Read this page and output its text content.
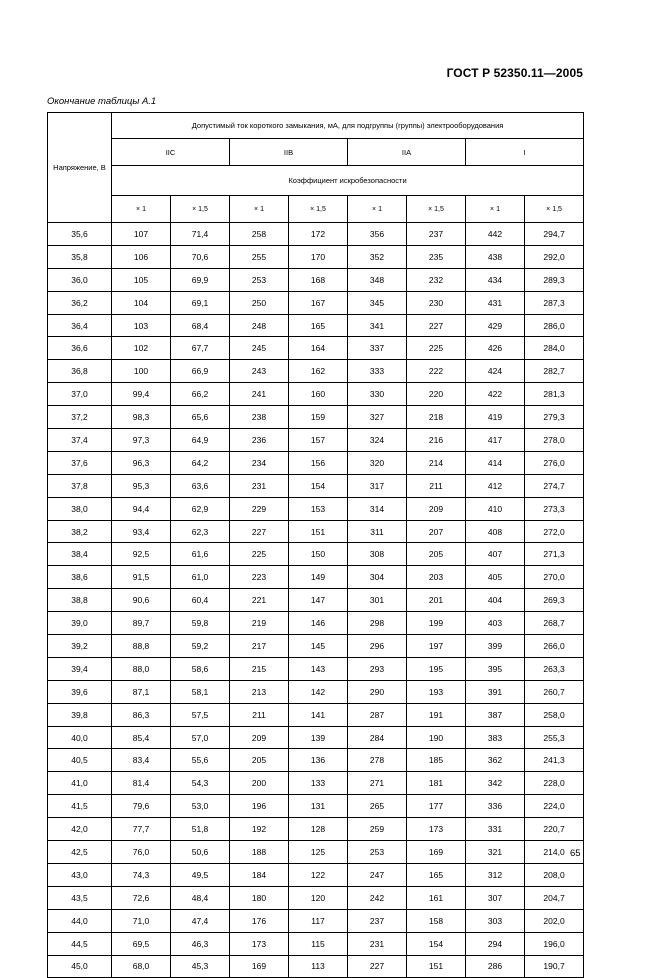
ГОСТ Р 52350.11—2005
Окончание таблицы А.1
Напряжение, В	Допустимый ток короткого замыкания, мА, для подгруппы (группы) электрооборудования							
	IIC		IIB		IIA		I	
	Коэффициент искробезопасности							
	× 1	× 1,5	× 1	× 1,5	× 1	× 1,5	× 1	× 1,5
35,6	107	71,4	258	172	356	237	442	294,7
35,8	106	70,6	255	170	352	235	438	292,0
36,0	105	69,9	253	168	348	232	434	289,3
36,2	104	69,1	250	167	345	230	431	287,3
36,4	103	68,4	248	165	341	227	429	286,0
36,6	102	67,7	245	164	337	225	426	284,0
36,8	100	66,9	243	162	333	222	424	282,7
37,0	99,4	66,2	241	160	330	220	422	281,3
37,2	98,3	65,6	238	159	327	218	419	279,3
37,4	97,3	64,9	236	157	324	216	417	278,0
37,6	96,3	64,2	234	156	320	214	414	276,0
37,8	95,3	63,6	231	154	317	211	412	274,7
38,0	94,4	62,9	229	153	314	209	410	273,3
38,2	93,4	62,3	227	151	311	207	408	272,0
38,4	92,5	61,6	225	150	308	205	407	271,3
38,6	91,5	61,0	223	149	304	203	405	270,0
38,8	90,6	60,4	221	147	301	201	404	269,3
39,0	89,7	59,8	219	146	298	199	403	268,7
39,2	88,8	59,2	217	145	296	197	399	266,0
39,4	88,0	58,6	215	143	293	195	395	263,3
39,6	87,1	58,1	213	142	290	193	391	260,7
39,8	86,3	57,5	211	141	287	191	387	258,0
40,0	85,4	57,0	209	139	284	190	383	255,3
40,5	83,4	55,6	205	136	278	185	362	241,3
41,0	81,4	54,3	200	133	271	181	342	228,0
41,5	79,6	53,0	196	131	265	177	336	224,0
42,0	77,7	51,8	192	128	259	173	331	220,7
42,5	76,0	50,6	188	125	253	169	321	214,0
43,0	74,3	49,5	184	122	247	165	312	208,0
43,5	72,6	48,4	180	120	242	161	307	204,7
44,0	71,0	47,4	176	117	237	158	303	202,0
44,5	69,5	46,3	173	115	231	154	294	196,0
45,0	68,0	45,3	169	113	227	151	286	190,7
65
